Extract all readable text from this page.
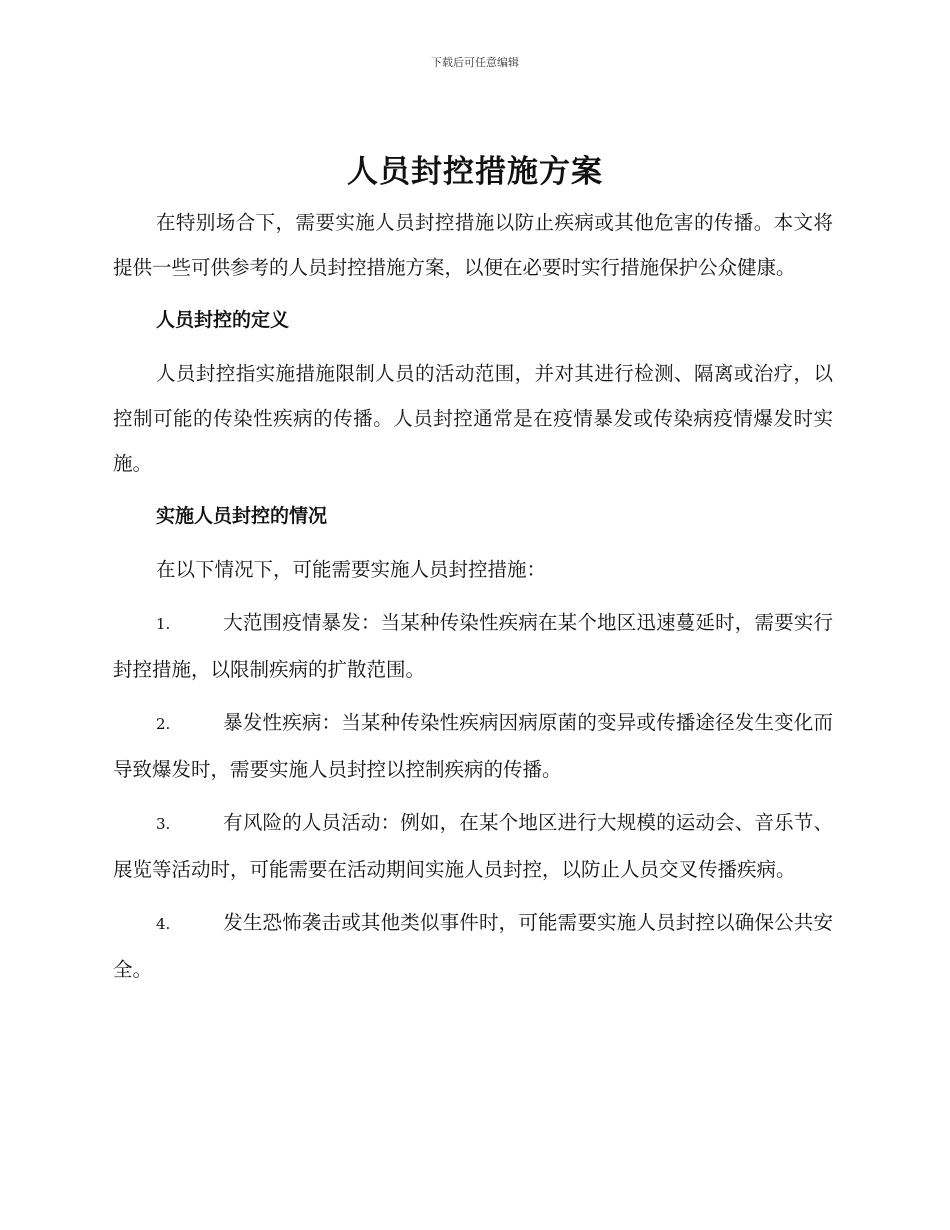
下载后可任意编辑
人员封控措施方案

在特别场合下，需要实施人员封控措施以防止疾病或其他危害的传播。本文将提供一些可供参考的人员封控措施方案，以便在必要时实行措施保护公众健康。

人员封控的定义

人员封控指实施措施限制人员的活动范围，并对其进行检测、隔离或治疗，以控制可能的传染性疾病的传播。人员封控通常是在疫情暴发或传染病疫情爆发时实施。

实施人员封控的情况

在以下情况下，可能需要实施人员封控措施：

1.	大范围疫情暴发：当某种传染性疾病在某个地区迅速蔓延时，需要实行封控措施，以限制疾病的扩散范围。
2.	暴发性疾病：当某种传染性疾病因病原菌的变异或传播途径发生变化而导致爆发时，需要实施人员封控以控制疾病的传播。
3.	有风险的人员活动：例如，在某个地区进行大规模的运动会、音乐节、展览等活动时，可能需要在活动期间实施人员封控，以防止人员交叉传播疾病。
4.	发生恐怖袭击或其他类似事件时，可能需要实施人员封控以确保公共安全。
